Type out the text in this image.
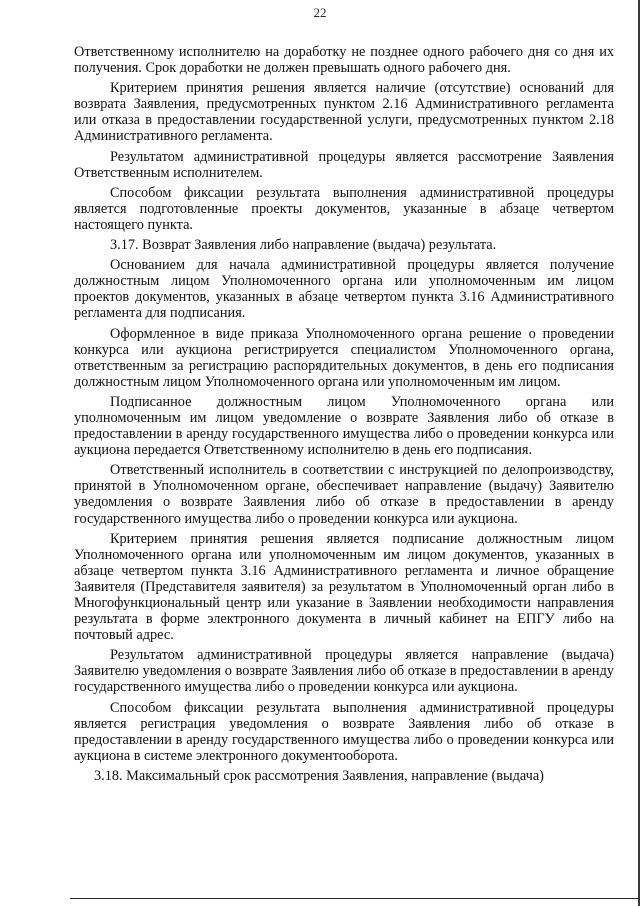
22

Ответственному исполнителю на доработку не позднее одного рабочего дня со дня их получения. Срок доработки не должен превышать одного рабочего дня.

Критерием принятия решения является наличие (отсутствие) оснований для возврата Заявления, предусмотренных пунктом 2.16 Административного регламента или отказа в предоставлении государственной услуги, предусмотренных пунктом 2.18 Административного регламента.

Результатом административной процедуры является рассмотрение Заявления Ответственным исполнителем.

Способом фиксации результата выполнения административной процедуры является подготовленные проекты документов, указанные в абзаце четвертом настоящего пункта.

3.17. Возврат Заявления либо направление (выдача) результата.

Основанием для начала административной процедуры является получение должностным лицом Уполномоченного органа или уполномоченным им лицом проектов документов, указанных в абзаце четвертом пункта 3.16 Административного регламента для подписания.

Оформленное в виде приказа Уполномоченного органа решение о проведении конкурса или аукциона регистрируется специалистом Уполномоченного органа, ответственным за регистрацию распорядительных документов, в день его подписания должностным лицом Уполномоченного органа или уполномоченным им лицом.

Подписанное должностным лицом Уполномоченного органа или уполномоченным им лицом уведомление о возврате Заявления либо об отказе в предоставлении в аренду государственного имущества либо о проведении конкурса или аукциона передается Ответственному исполнителю в день его подписания.

Ответственный исполнитель в соответствии с инструкцией по делопроизводству, принятой в Уполномоченном органе, обеспечивает направление (выдачу) Заявителю уведомления о возврате Заявления либо об отказе в предоставлении в аренду государственного имущества либо о проведении конкурса или аукциона.

Критерием принятия решения является подписание должностным лицом Уполномоченного органа или уполномоченным им лицом документов, указанных в абзаце четвертом пункта 3.16 Административного регламента и личное обращение Заявителя (Представителя заявителя) за результатом в Уполномоченный орган либо в Многофункциональный центр или указание в Заявлении необходимости направления результата в форме электронного документа в личный кабинет на ЕПГУ либо на почтовый адрес.

Результатом административной процедуры является направление (выдача) Заявителю уведомления о возврате Заявления либо об отказе в предоставлении в аренду государственного имущества либо о проведении конкурса или аукциона.

Способом фиксации результата выполнения административной процедуры является регистрация уведомления о возврате Заявления либо об отказе в предоставлении в аренду государственного имущества либо о проведении конкурса или аукциона в системе электронного документооборота.

3.18. Максимальный срок рассмотрения Заявления, направление (выдача)
